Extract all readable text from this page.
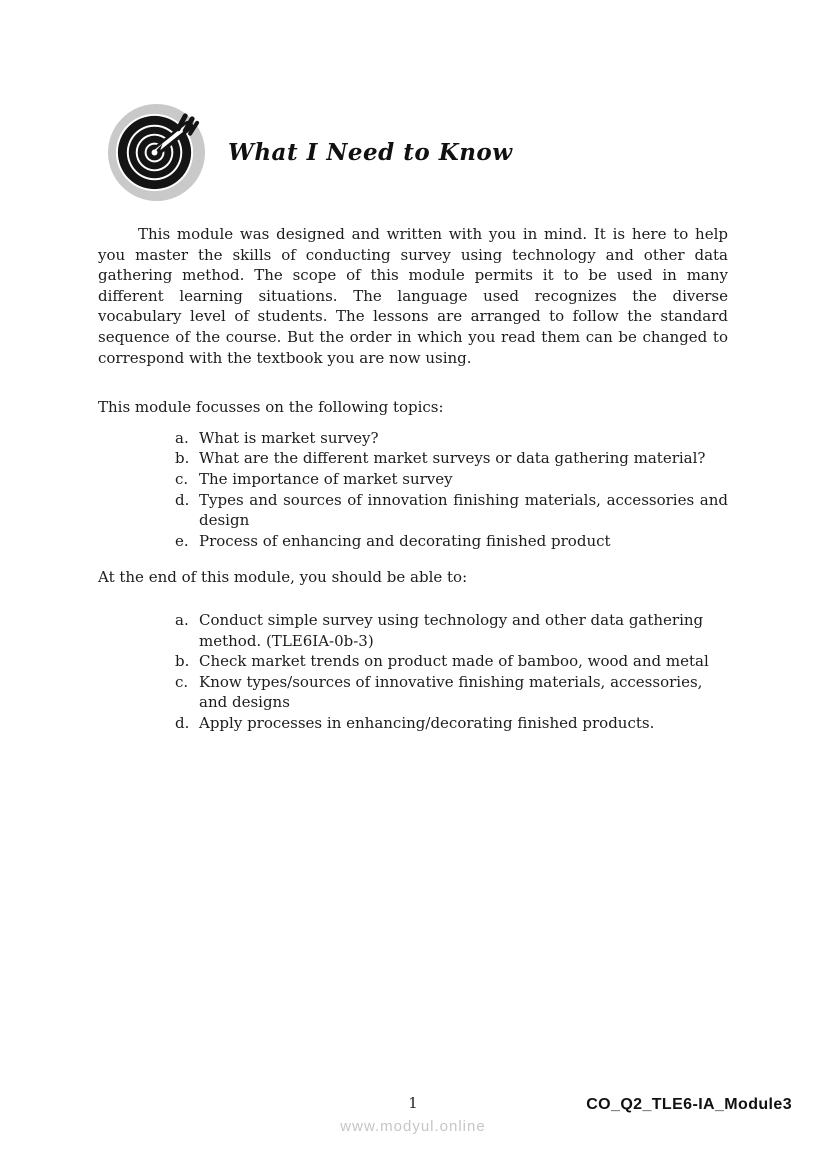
What I Need to Know

This module was designed and written with you in mind. It is here to help you master the skills of conducting survey using technology and other data gathering method. The scope of this module permits it to be used in many different learning situations. The language used recognizes the diverse vocabulary level of students. The lessons are arranged to follow the standard sequence of the course. But the order in which you read them can be changed to correspond with the textbook you are now using.

This module focusses on the following topics:

a. What is market survey?
b. What are the different market surveys or data gathering material?
c. The importance of market survey
d. Types and sources of innovation finishing materials, accessories and design
e. Process of enhancing and decorating finished product

At the end of this module, you should be able to:

a. Conduct simple survey using technology and other data gathering method. (TLE6IA-0b-3)
b. Check market trends on product made of bamboo, wood and metal
c. Know types/sources of innovative finishing materials, accessories, and designs
d. Apply processes in enhancing/decorating finished products.
1	CO_Q2_TLE6-IA_Module3
www.modyul.online
